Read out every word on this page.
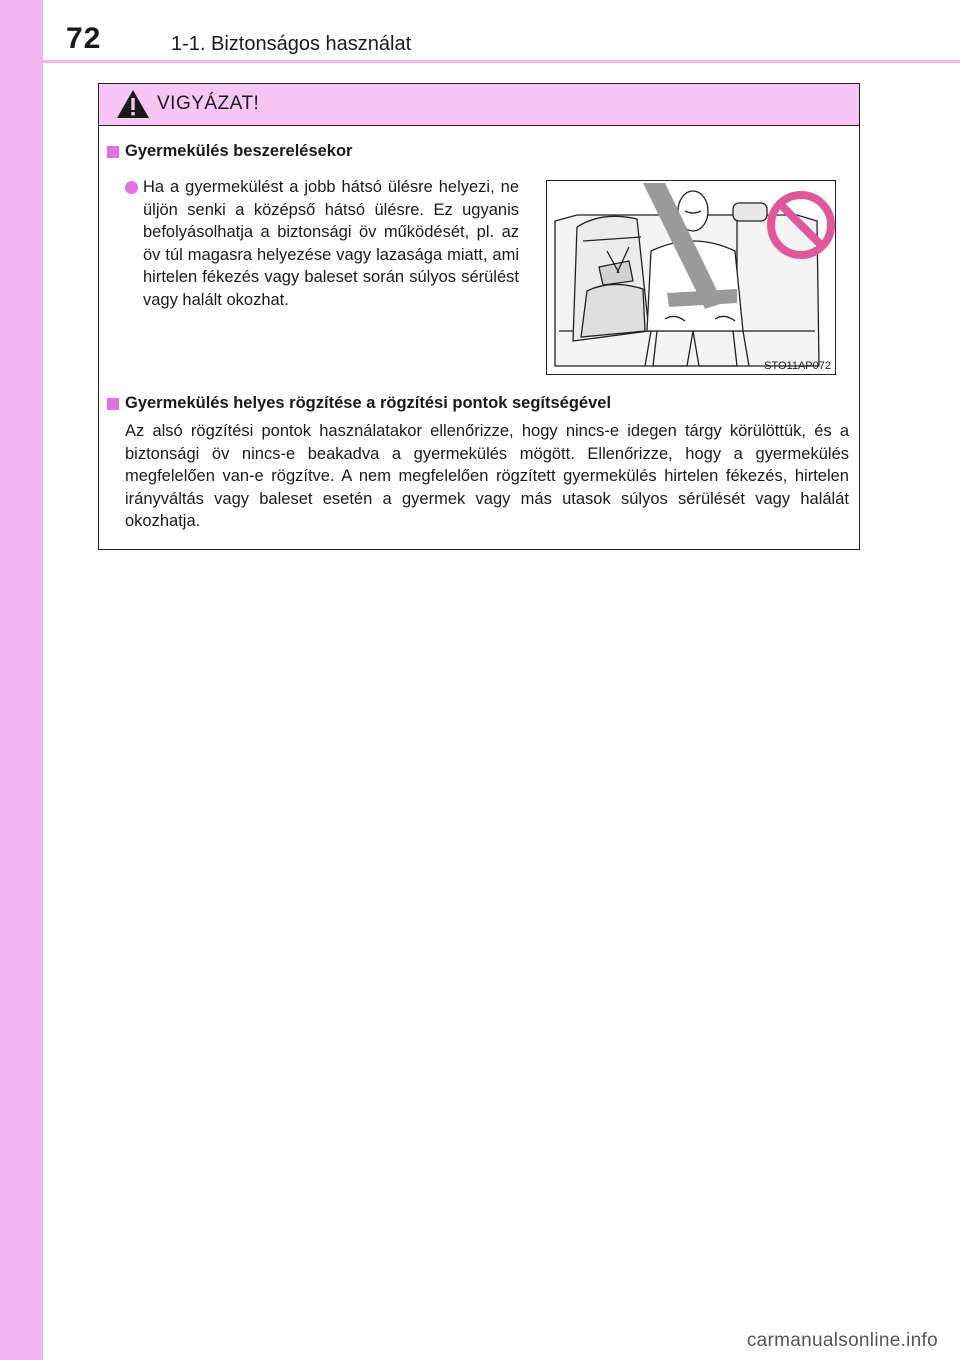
72	1-1. Biztonságos használat
VIGYÁZAT!
Gyermekülés beszerelésekor
Ha a gyermekülést a jobb hátsó ülésre helyezi, ne üljön senki a középső hátsó ülésre. Ez ugyanis befolyásolhatja a biztonsági öv működését, pl. az öv túl magasra helyezése vagy lazasága miatt, ami hirtelen fékezés vagy baleset során súlyos sérülést vagy halált okozhat.
STO11AP072
Gyermekülés helyes rögzítése a rögzítési pontok segítségével
Az alsó rögzítési pontok használatakor ellenőrizze, hogy nincs-e idegen tárgy körülöttük, és a biztonsági öv nincs-e beakadva a gyermekülés mögött. Ellenőrizze, hogy a gyermekülés megfelelően van-e rögzítve. A nem megfelelően rögzített gyermekülés hirtelen fékezés, hirtelen irányváltás vagy baleset esetén a gyermek vagy más utasok súlyos sérülését vagy halálát okozhatja.
carmanualsonline.info
